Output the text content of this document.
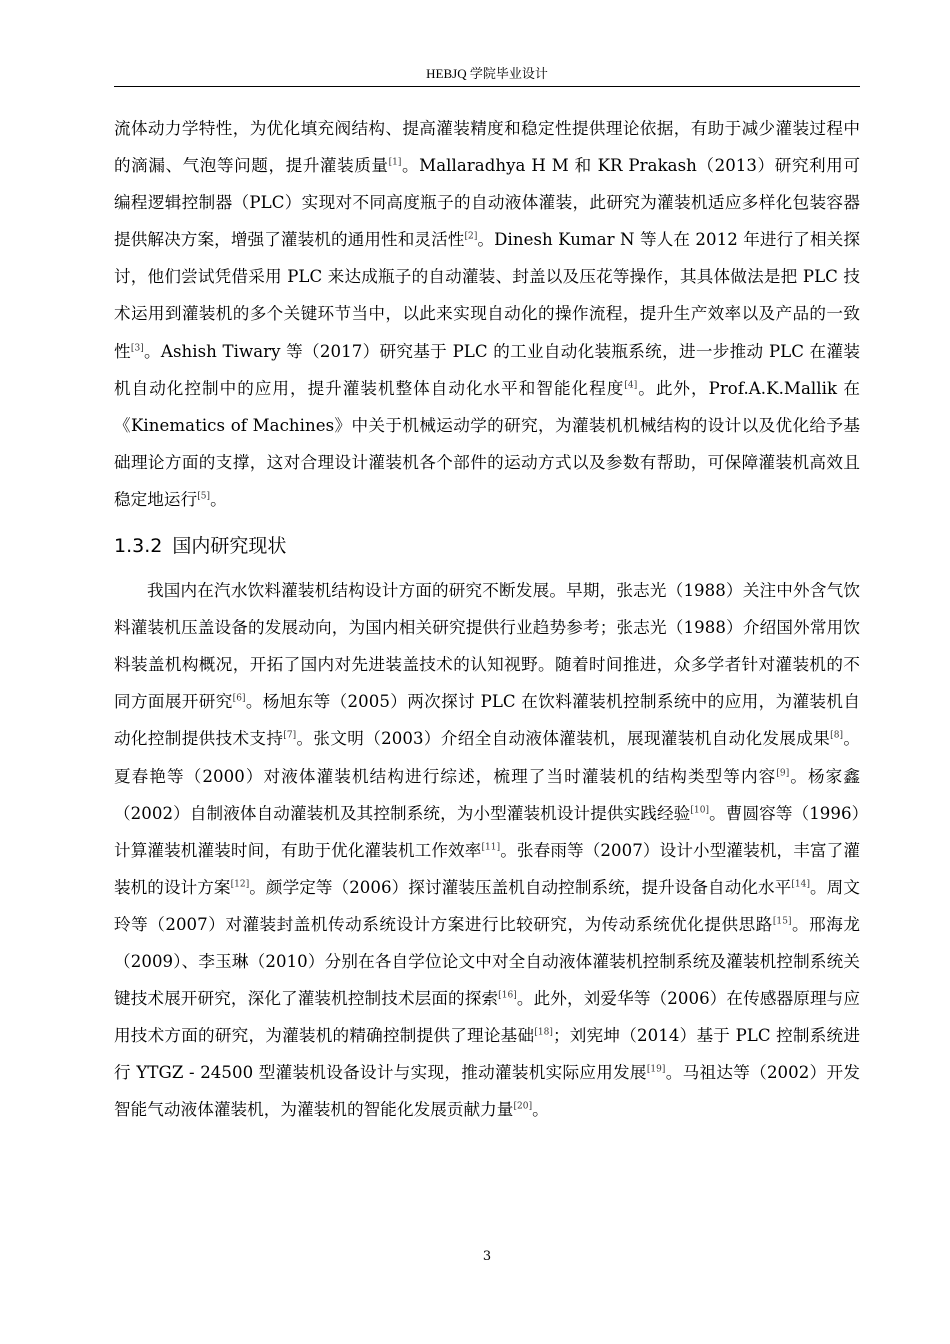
HEBJQ 学院毕业设计

流体动力学特性，为优化填充阀结构、提高灌装精度和稳定性提供理论依据，有助于减少灌装过程中的滴漏、气泡等问题，提升灌装质量[1]。Mallaradhya H M 和 KR Prakash（2013）研究利用可编程逻辑控制器（PLC）实现对不同高度瓶子的自动液体灌装，此研究为灌装机适应多样化包装容器提供解决方案，增强了灌装机的通用性和灵活性[2]。Dinesh Kumar N 等人在 2012 年进行了相关探讨，他们尝试凭借采用 PLC 来达成瓶子的自动灌装、封盖以及压花等操作，其具体做法是把 PLC 技术运用到灌装机的多个关键环节当中，以此来实现自动化的操作流程，提升生产效率以及产品的一致性[3]。Ashish Tiwary 等（2017）研究基于 PLC 的工业自动化装瓶系统，进一步推动 PLC 在灌装机自动化控制中的应用，提升灌装机整体自动化水平和智能化程度[4]。此外，Prof.A.K.Mallik 在《Kinematics of Machines》中关于机械运动学的研究，为灌装机机械结构的设计以及优化给予基础理论方面的支撑，这对合理设计灌装机各个部件的运动方式以及参数有帮助，可保障灌装机高效且稳定地运行[5]。

1.3.2 国内研究现状

我国内在汽水饮料灌装机结构设计方面的研究不断发展。早期，张志光（1988）关注中外含气饮料灌装机压盖设备的发展动向，为国内相关研究提供行业趋势参考；张志光（1988）介绍国外常用饮料装盖机构概况，开拓了国内对先进装盖技术的认知视野。随着时间推进，众多学者针对灌装机的不同方面展开研究[6]。杨旭东等（2005）两次探讨 PLC 在饮料灌装机控制系统中的应用，为灌装机自动化控制提供技术支持[7]。张文明（2003）介绍全自动液体灌装机，展现灌装机自动化发展成果[8]。夏春艳等（2000）对液体灌装机结构进行综述，梳理了当时灌装机的结构类型等内容[9]。杨家鑫（2002）自制液体自动灌装机及其控制系统，为小型灌装机设计提供实践经验[10]。曹圆容等（1996）计算灌装机灌装时间，有助于优化灌装机工作效率[11]。张春雨等（2007）设计小型灌装机，丰富了灌装机的设计方案[12]。颜学定等（2006）探讨灌装压盖机自动控制系统，提升设备自动化水平[14]。周文玲等（2007）对灌装封盖机传动系统设计方案进行比较研究，为传动系统优化提供思路[15]。邢海龙（2009）、李玉琳（2010）分别在各自学位论文中对全自动液体灌装机控制系统及灌装机控制系统关键技术展开研究，深化了灌装机控制技术层面的探索[16]。此外，刘爱华等（2006）在传感器原理与应用技术方面的研究，为灌装机的精确控制提供了理论基础[18]；刘宪坤（2014）基于 PLC 控制系统进行 YTGZ - 24500 型灌装机设备设计与实现，推动灌装机实际应用发展[19]。马祖达等（2002）开发智能气动液体灌装机，为灌装机的智能化发展贡献力量[20]。

3
